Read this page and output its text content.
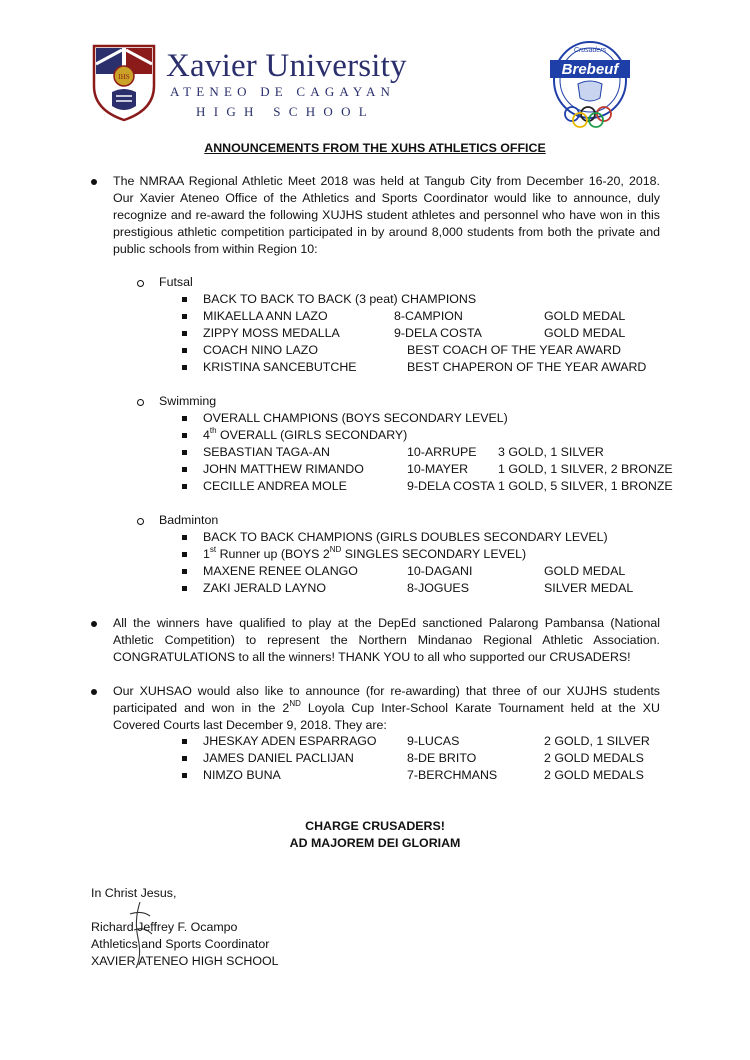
IHS Xavier University
ATENEO DE CAGAYAN
HIGH SCHOOL
Crusaders
Brebeuf
ANNOUNCEMENTS FROM THE XUHS ATHLETICS OFFICE
The NMRAA Regional Athletic Meet 2018 was held at Tangub City from December 16-20, 2018. Our Xavier Ateneo Office of the Athletics and Sports Coordinator would like to announce, duly recognize and re-award the following XUJHS student athletes and personnel who have won in this prestigious athletic competition participated in by around 8,000 students from both the private and public schools from within Region 10:
Futsal
BACK TO BACK TO BACK (3 peat) CHAMPIONS
MIKAELLA ANN LAZO	8-CAMPION	GOLD MEDAL
ZIPPY MOSS MEDALLA	9-DELA COSTA	GOLD MEDAL
COACH NINO LAZO	BEST COACH OF THE YEAR AWARD
KRISTINA SANCEBUTCHE	BEST CHAPERON OF THE YEAR AWARD
Swimming
OVERALL CHAMPIONS (BOYS SECONDARY LEVEL)
4th OVERALL (GIRLS SECONDARY)
SEBASTIAN TAGA-AN	10-ARRUPE 3 GOLD, 1 SILVER
JOHN MATTHEW RIMANDO	10-MAYER 1 GOLD, 1 SILVER, 2 BRONZE
CECILLE ANDREA MOLE	9-DELA COSTA 1 GOLD, 5 SILVER, 1 BRONZE
Badminton
BACK TO BACK CHAMPIONS (GIRLS DOUBLES SECONDARY LEVEL)
1st Runner up (BOYS 2ND SINGLES SECONDARY LEVEL)
MAXENE RENEE OLANGO	10-DAGANI	GOLD MEDAL
ZAKI JERALD LAYNO	8-JOGUES	SILVER MEDAL
All the winners have qualified to play at the DepEd sanctioned Palarong Pambansa (National Athletic Competition) to represent the Northern Mindanao Regional Athletic Association. CONGRATULATIONS to all the winners! THANK YOU to all who supported our CRUSADERS!
Our XUHSAO would also like to announce (for re-awarding) that three of our XUJHS students participated and won in the 2ND Loyola Cup Inter-School Karate Tournament held at the XU Covered Courts last December 9, 2018. They are:
JHESKAY ADEN ESPARRAGO 9-LUCAS	2 GOLD, 1 SILVER
JAMES DANIEL PACLIJAN	8-DE BRITO	2 GOLD MEDALS
NIMZO BUNA	7-BERCHMANS	2 GOLD MEDALS
CHARGE CRUSADERS!
AD MAJOREM DEI GLORIAM
In Christ Jesus,
Richard Jeffrey F. Ocampo
Athletics and Sports Coordinator
XAVIER ATENEO HIGH SCHOOL
